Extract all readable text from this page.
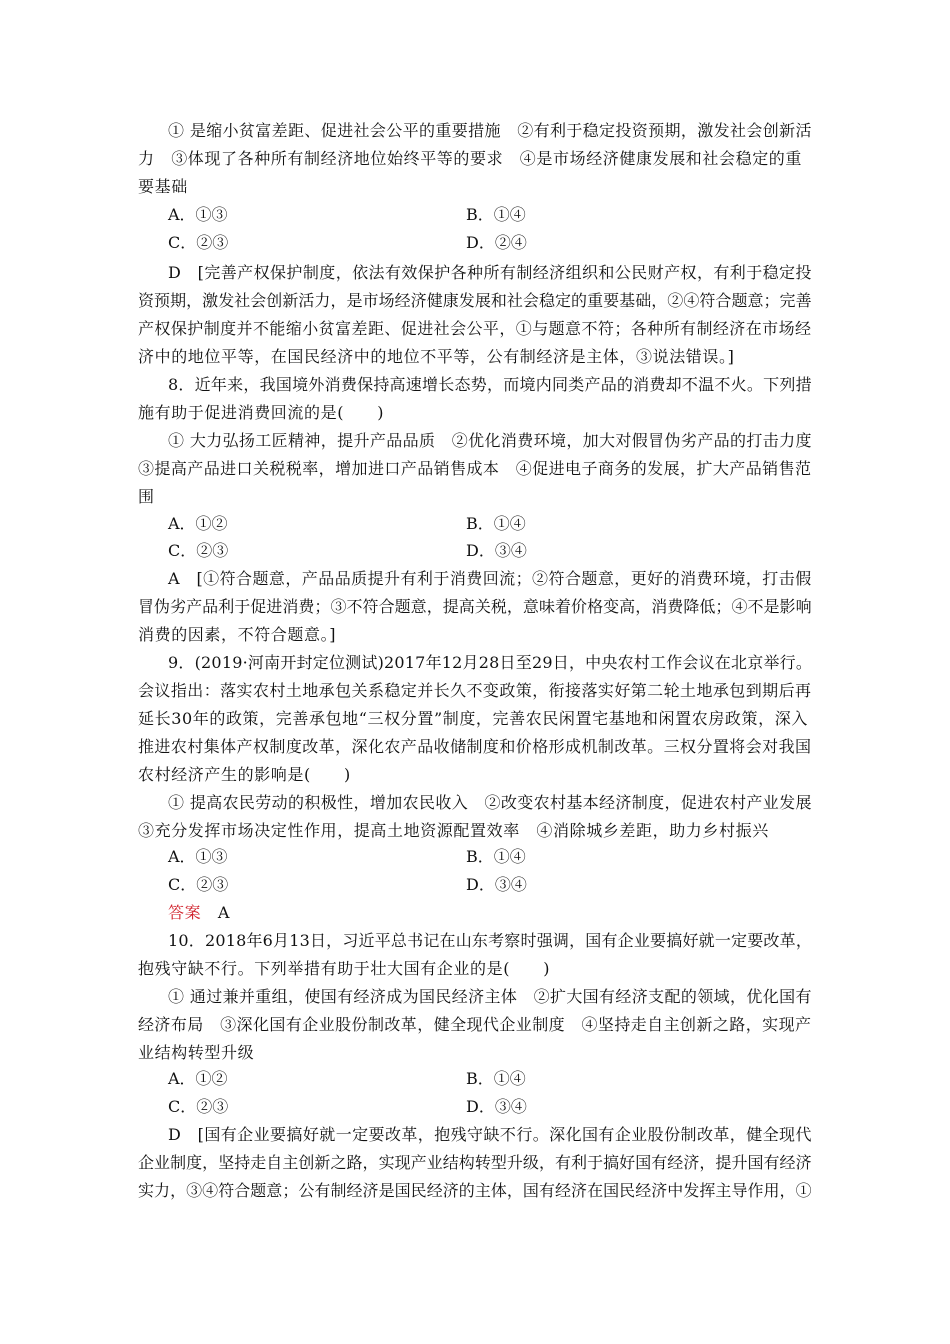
① 是缩小贫富差距、促进社会公平的重要措施　②有利于稳定投资预期，激发社会创新活
力　③体现了各种所有制经济地位始终平等的要求　④是市场经济健康发展和社会稳定的重
要基础
A．①③	B．①④
C．②③	D．②④
D　[完善产权保护制度，依法有效保护各种所有制经济组织和公民财产权，有利于稳定投
资预期，激发社会创新活力，是市场经济健康发展和社会稳定的重要基础，②④符合题意；完善
产权保护制度并不能缩小贫富差距、促进社会公平，①与题意不符；各种所有制经济在市场经
济中的地位平等，在国民经济中的地位不平等，公有制经济是主体，③说法错误。]
8．近年来，我国境外消费保持高速增长态势，而境内同类产品的消费却不温不火。下列措
施有助于促进消费回流的是(　　)
① 大力弘扬工匠精神，提升产品品质　②优化消费环境，加大对假冒伪劣产品的打击力度
③提高产品进口关税税率，增加进口产品销售成本　④促进电子商务的发展，扩大产品销售范
围
A．①②	B．①④
C．②③	D．③④
A　[①符合题意，产品品质提升有利于消费回流；②符合题意，更好的消费环境，打击假
冒伪劣产品利于促进消费；③不符合题意，提高关税，意味着价格变高，消费降低；④不是影响
消费的因素，不符合题意。]
9．(2019·河南开封定位测试)2017年12月28日至29日，中央农村工作会议在北京举行。
会议指出：落实农村土地承包关系稳定并长久不变政策，衔接落实好第二轮土地承包到期后再
延长30年的政策，完善承包地“三权分置”制度，完善农民闲置宅基地和闲置农房政策，深入
推进农村集体产权制度改革，深化农产品收储制度和价格形成机制改革。三权分置将会对我国
农村经济产生的影响是(　　)
① 提高农民劳动的积极性，增加农民收入　②改变农村基本经济制度，促进农村产业发展
③充分发挥市场决定性作用，提高土地资源配置效率　④消除城乡差距，助力乡村振兴
A．①③	B．①④
C．②③	D．③④
答案　 A
10．2018年6月13日，习近平总书记在山东考察时强调，国有企业要搞好就一定要改革，
抱残守缺不行。下列举措有助于壮大国有企业的是(　　)
① 通过兼并重组，使国有经济成为国民经济主体　②扩大国有经济支配的领域，优化国有
经济布局　③深化国有企业股份制改革，健全现代企业制度　④坚持走自主创新之路，实现产
业结构转型升级
A．①②	B．①④
C．②③	D．③④
D　[国有企业要搞好就一定要改革，抱残守缺不行。深化国有企业股份制改革，健全现代
企业制度，坚持走自主创新之路，实现产业结构转型升级，有利于搞好国有经济，提升国有经济
实力，③④符合题意；公有制经济是国民经济的主体，国有经济在国民经济中发挥主导作用，①
